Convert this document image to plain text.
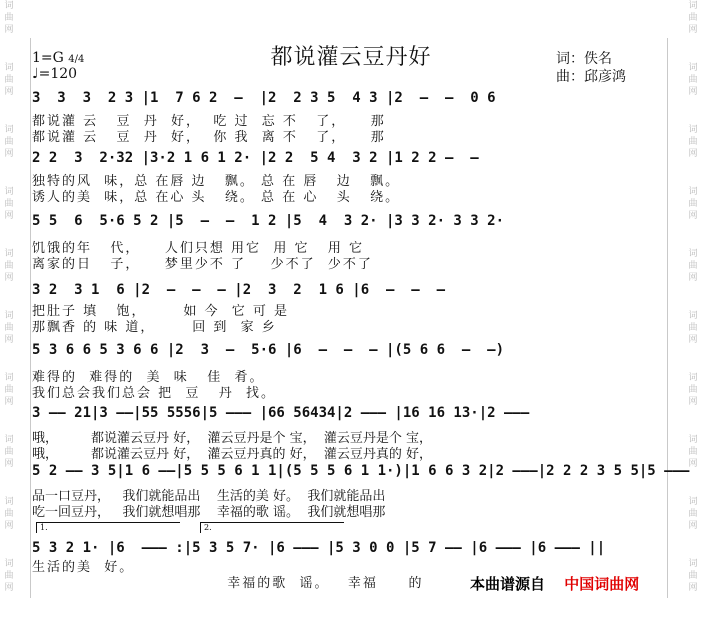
词
曲
网
词
曲
网
词
曲
网
词
曲
网
词
曲
网
词
曲
网
词
曲
网
词
曲
网
词
曲
网
词
曲
网
词
曲
网
词
曲
网
词
曲
网
词
曲
网
词
曲
网
词
曲
网
词
曲
网
词
曲
网
词
曲
网
词
曲
网
都说灌云豆丹好
1=G 4/4
♩=120
词：佚名
曲：邱彦鸿
3  3  3  2 3 |1  7 6 2  –  |2  2 3 5  4 3 |2  –  –  0 6
都说灌 云   豆  丹  好，  吃 过  忘 不   了，    那
都说灌 云   豆  丹  好，  你 我  离 不   了，    那
2 2  3  2·32 |3·2 1 6 1 2· |2 2  5 4  3 2 |1 2 2 –  –
独特的风  味，总 在唇 边   飘。 总 在 唇   边   飘。
诱人的美  味，总 在心 头   绕。 总 在 心   头   绕。
5 5  6  5·6 5 2 |5  –  –  1 2 |5  4  3 2· |3 3 2· 3 3 2·
饥饿的年   代，    人们只想 用它  用 它   用 它
离家的日   子，    梦里少不 了    少不了  少不了
3 2  3 1  6 |2  –  –  – |2  3  2  1 6 |6  –  –  –
把肚子 填   饱，      如 今  它 可 是
那飘香 的 味 道，      回 到  家 乡
5 3 6 6 5 3 6 6 |2  3  –  5·6 |6  –  –  – |(5 6 6  –  –)
难得的  难得的  美  味   佳  肴。
我们总会我们总会 把  豆   丹  找。
3 –– 21|3 ––|55 5556|5 ––– |66 56434|2 ––– |16 16 13·|2 –––
哦，        都说灌云豆丹 好，  灌云豆丹是个 宝，  灌云豆丹是个 宝，
哦，        都说灌云豆丹 好，  灌云豆丹真的 好，  灌云豆丹真的 好，
5 2 –– 3 5|1 6 ––|5 5 5 6 1 1|(5 5 5 6 1 1·)|1 6 6 3 2|2 –––|2 2 2 3 5 5|5 –––
品一口豆丹，   我们就能品出    生活的美 好。  我们就能品出
吃一回豆丹，   我们就想唱那    幸福的歌 谣。  我们就想唱那
1.	2.
5 3 2 1· |6  ––– :|5 3 5 7· |6 ––– |5 3 0 0 |5 7 –– |6 ––– |6 ––– ||
生活的美  好。
幸福的歌  谣。   幸福     的	本曲谱源自 中国词曲网
